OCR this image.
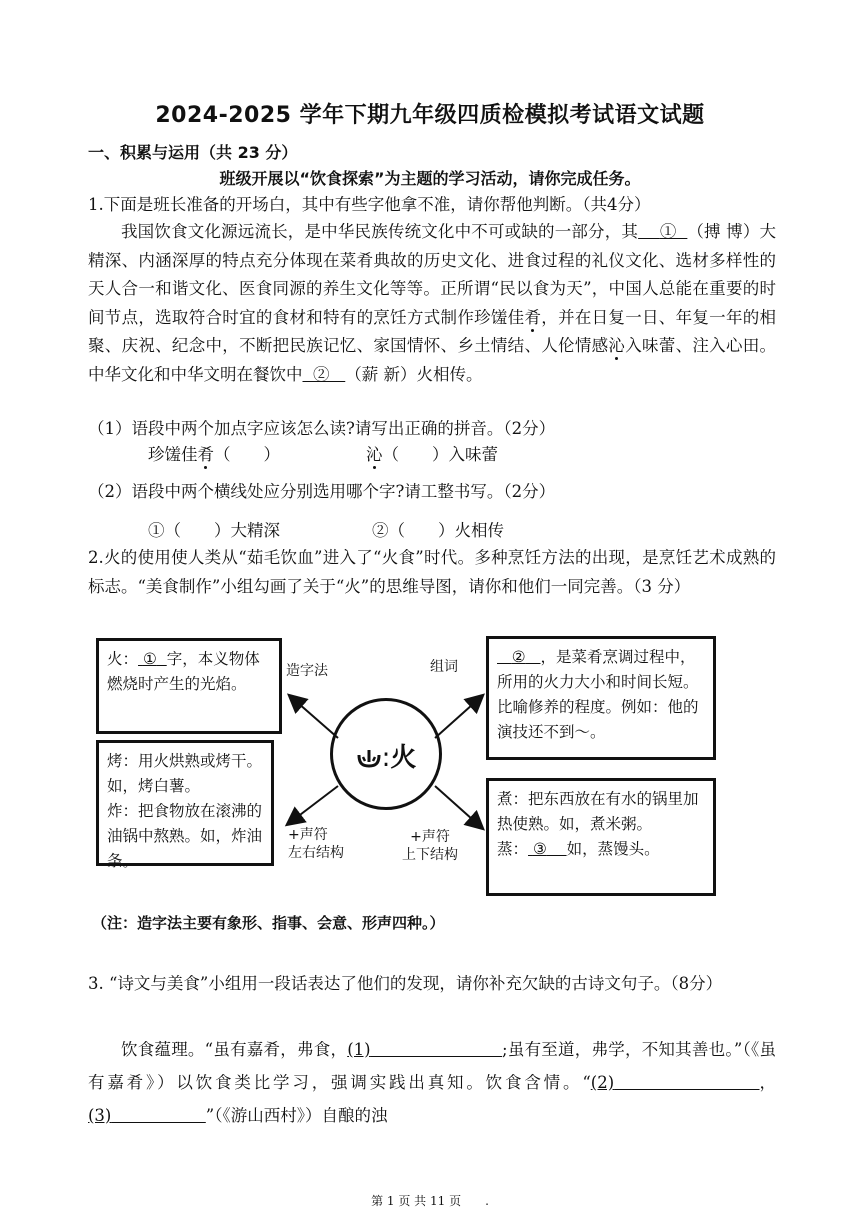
2024-2025 学年下期九年级四质检模拟考试语文试题
一、积累与运用（共 23 分）
班级开展以“饮食探索”为主题的学习活动，请你完成任务。
1.下面是班长准备的开场白，其中有些字他拿不准，请你帮他判断。（共4分）
我国饮食文化源远流长，是中华民族传统文化中不可或缺的一部分，其 ① （搏 博）大精深、内涵深厚的特点充分体现在菜肴典故的历史文化、进食过程的礼仪文化、选材多样性的天人合一和谐文化、医食同源的养生文化等等。正所谓“民以食为天”，中国人总能在重要的时间节点，选取符合时宜的食材和特有的烹饪方式制作珍馐佳肴，并在日复一日、年复一年的相聚、庆祝、纪念中，不断把民族记忆、家国情怀、乡土情结、人伦情感沁入味蕾、注入心田。中华文化和中华文明在餐饮中 ② （薪 新）火相传。
（1）语段中两个加点字应该怎么读?请写出正确的拼音。（2分）
珍馐佳肴（　　）	沁（　　）入味蕾
（2）语段中两个横线处应分别选用哪个字?请工整书写。（2分）
①（　　）大精深	②（　　）火相传
2.火的使用使人类从“茹毛饮血”进入了“火食”时代。多种烹饪方法的出现，是烹饪艺术成熟的标志。“美食制作”小组勾画了关于“火”的思维导图，请你和他们一同完善。（3 分）
火： ① 字，本义物体燃烧时产生的光焰。
② ，是菜肴烹调过程中，所用的火力大小和时间长短。比喻修养的程度。例如：他的演技还不到～。
烤：用火烘熟或烤干。如，烤白薯。
炸：把食物放在滚沸的油锅中熬熟。如，炸油条。
煮：把东西放在有水的锅里加热使熟。如，煮米粥。
蒸： ③ 如，蒸馒头。
造字法	组词
+声符
左右结构
+声符
上下结构
:火
（注：造字法主要有象形、指事、会意、形声四种。）
3. “诗文与美食”小组用一段话表达了他们的发现，请你补充欠缺的古诗文句子。（8分）
饮食蕴理。“虽有嘉肴，弗食，(1)	;虽有至道，弗学，不知其善也。”（《虽有嘉肴》）以饮食类比学习，强调实践出真知。饮食含情。“(2)	，(3)	”（《游山西村》）自酿的浊
第 1 页 共 11 页　　.
